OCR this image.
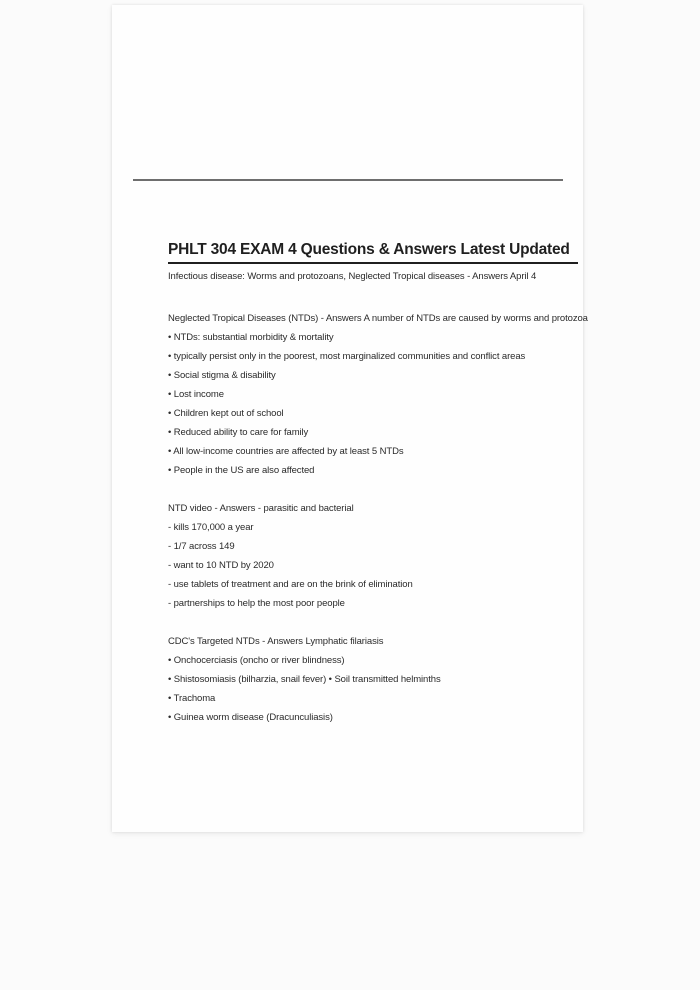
PHLT 304 EXAM 4 Questions & Answers Latest Updated

Infectious disease: Worms and protozoans, Neglected Tropical diseases - Answers April 4

Neglected Tropical Diseases (NTDs) - Answers A number of NTDs are caused by worms and protozoa

• NTDs: substantial morbidity & mortality

• typically persist only in the poorest, most marginalized communities and conflict areas

• Social stigma & disability

• Lost income

• Children kept out of school

• Reduced ability to care for family

• All low-income countries are affected by at least 5 NTDs

• People in the US are also affected

NTD video - Answers - parasitic and bacterial

- kills 170,000 a year

- 1/7 across 149

- want to 10 NTD by 2020

- use tablets of treatment and are on the brink of elimination

- partnerships to help the most poor people

CDC's Targeted NTDs - Answers Lymphatic filariasis

• Onchocerciasis (oncho or river blindness)

• Shistosomiasis (bilharzia, snail fever) • Soil transmitted helminths

• Trachoma

• Guinea worm disease (Dracunculiasis)
